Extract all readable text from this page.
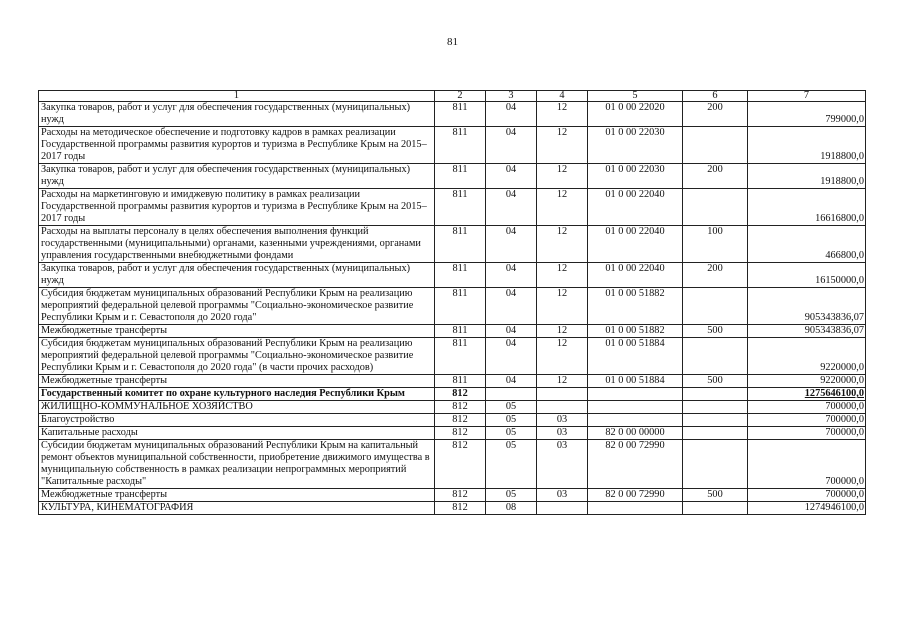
81
1	2	3	4	5	6	7
Закупка товаров, работ и услуг для обеспечения государственных (муниципальных) нужд	811	04	12	01 0 00 22020	200	799000,0
Расходы на методическое обеспечение и подготовку кадров в рамках реализации Государственной программы развития курортов и туризма в Республике Крым на 2015–2017 годы	811	04	12	01 0 00 22030		1918800,0
Закупка товаров, работ и услуг для обеспечения государственных (муниципальных) нужд	811	04	12	01 0 00 22030	200	1918800,0
Расходы на маркетинговую и имиджевую политику в рамках реализации Государственной программы развития курортов и туризма в Республике Крым на 2015–2017 годы	811	04	12	01 0 00 22040		16616800,0
Расходы на выплаты персоналу в целях обеспечения выполнения функций государственными (муниципальными) органами, казенными учреждениями, органами управления государственными внебюджетными фондами	811	04	12	01 0 00 22040	100	466800,0
Закупка товаров, работ и услуг для обеспечения государственных (муниципальных) нужд	811	04	12	01 0 00 22040	200	16150000,0
Субсидия бюджетам муниципальных образований Республики Крым на реализацию мероприятий федеральной целевой программы "Социально-экономическое развитие Республики Крым и г. Севастополя до 2020 года"	811	04	12	01 0 00 51882		905343836,07
Межбюджетные трансферты	811	04	12	01 0 00 51882	500	905343836,07
Субсидия бюджетам муниципальных образований Республики Крым на реализацию мероприятий федеральной целевой программы "Социально-экономическое развитие Республики Крым и г. Севастополя до 2020 года" (в части прочих расходов)	811	04	12	01 0 00 51884		9220000,0
Межбюджетные трансферты	811	04	12	01 0 00 51884	500	9220000,0
Государственный комитет по охране культурного наследия Республики Крым	812					1275646100,0
ЖИЛИЩНО-КОММУНАЛЬНОЕ ХОЗЯЙСТВО	812	05				700000,0
Благоустройство	812	05	03			700000,0
Капитальные расходы	812	05	03	82 0 00 00000		700000,0
Субсидии бюджетам муниципальных образований Республики Крым на капитальный ремонт объектов муниципальной собственности, приобретение движимого имущества в муниципальную собственность в рамках реализации непрограммных мероприятий "Капитальные расходы"	812	05	03	82 0 00 72990		700000,0
Межбюджетные трансферты	812	05	03	82 0 00 72990	500	700000,0
КУЛЬТУРА, КИНЕМАТОГРАФИЯ	812	08				1274946100,0
